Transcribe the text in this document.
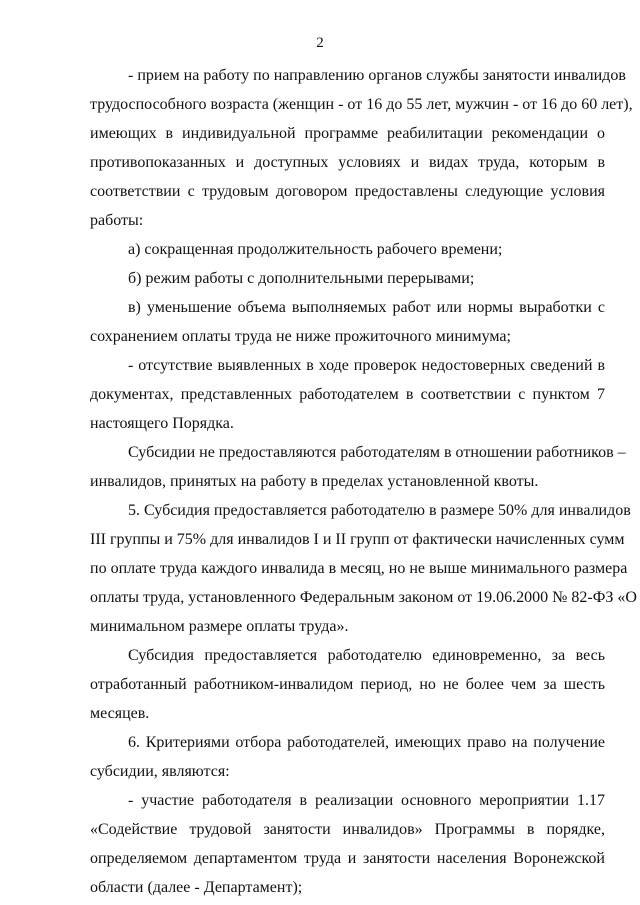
2
- прием на работу по направлению органов службы занятости инвалидов
трудоспособного возраста (женщин - от 16 до 55 лет, мужчин - от 16 до 60 лет),
имеющих в индивидуальной программе реабилитации рекомендации о
противопоказанных и доступных условиях и видах труда, которым в
соответствии с трудовым договором предоставлены следующие условия
работы:
а) сокращенная продолжительность рабочего времени;
б) режим работы с дополнительными перерывами;
в) уменьшение объема выполняемых работ или нормы выработки с
сохранением оплаты труда не ниже прожиточного минимума;
- отсутствие выявленных в ходе проверок недостоверных сведений в
документах, представленных работодателем в соответствии с пунктом 7
настоящего Порядка.
Субсидии не предоставляются работодателям в отношении работников –
инвалидов, принятых на работу в пределах установленной квоты.
5. Субсидия предоставляется работодателю в размере 50% для инвалидов
III группы и 75% для инвалидов I и II групп от фактически начисленных сумм
по оплате труда каждого инвалида в месяц, но не выше минимального размера
оплаты труда, установленного Федеральным законом от 19.06.2000 № 82-ФЗ «О
минимальном размере оплаты труда».
Субсидия предоставляется работодателю единовременно, за весь
отработанный работником-инвалидом период, но не более чем за шесть
месяцев.
6. Критериями отбора работодателей, имеющих право на получение
субсидии, являются:
- участие работодателя в реализации основного мероприятии 1.17
«Содействие трудовой занятости инвалидов» Программы в порядке,
определяемом департаментом труда и занятости населения Воронежской
области (далее - Департамент);
